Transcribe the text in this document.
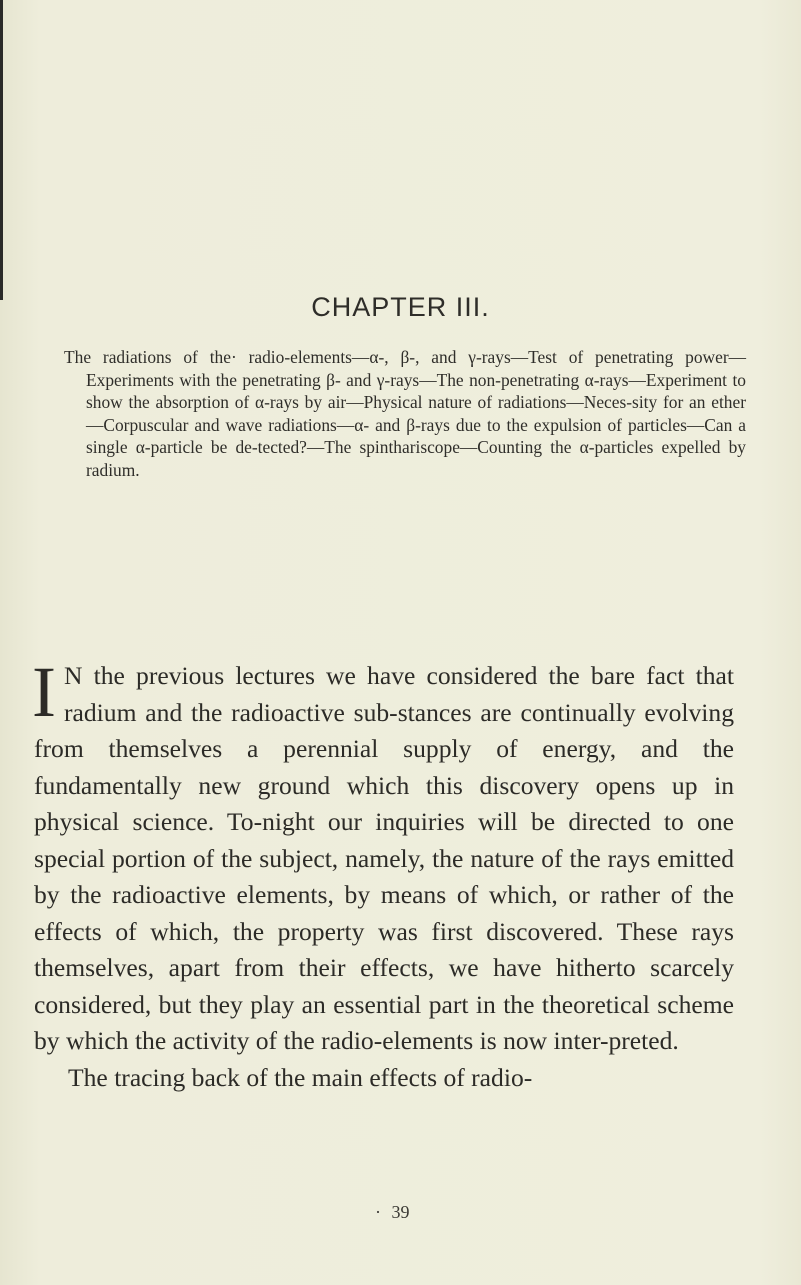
CHAPTER III.

The radiations of the· radio-elements—α-, β-, and γ-rays—Test of penetrating power—Experiments with the penetrating β- and γ-rays—The non-penetrating α-rays—Experiment to show the absorption of α-rays by air—Physical nature of radiations—Neces-sity for an ether—Corpuscular and wave radiations—α- and β-rays due to the expulsion of particles—Can a single α-particle be de-tected?—The spinthariscope—Counting the α-particles expelled by radium.

I N the previous lectures we have considered the bare fact that radium and the radioactive sub-stances are continually evolving from themselves a perennial supply of energy, and the fundamentally new ground which this discovery opens up in physical science. To-night our inquiries will be directed to one special portion of the subject, namely, the nature of the rays emitted by the radioactive elements, by means of which, or rather of the effects of which, the property was first discovered. These rays themselves, apart from their effects, we have hitherto scarcely considered, but they play an essential part in the theoretical scheme by which the activity of the radio-elements is now inter-preted.

The tracing back of the main effects of radio-

· 39
